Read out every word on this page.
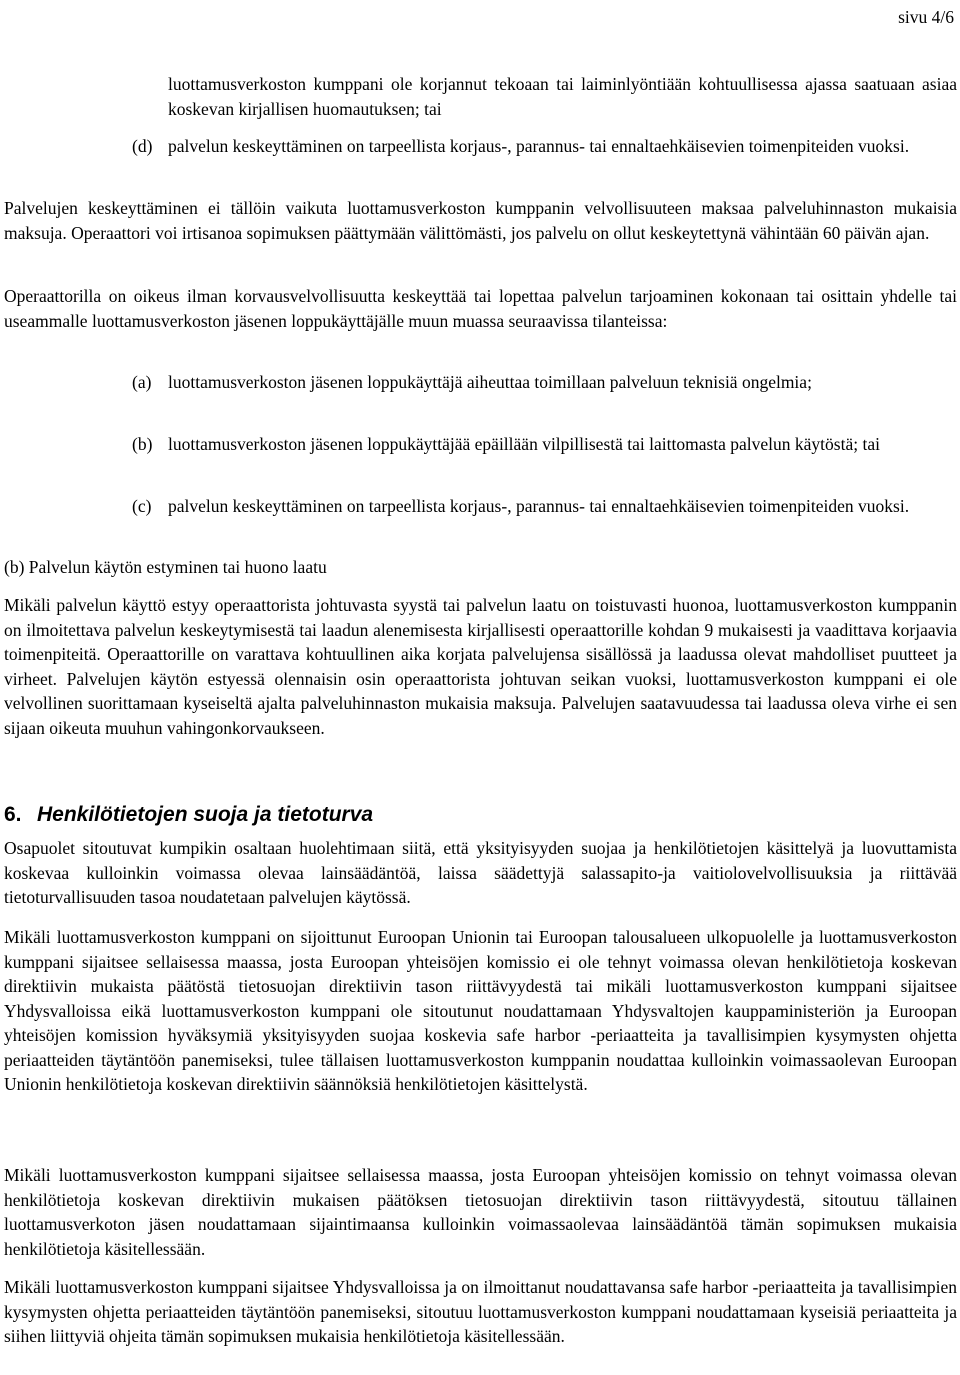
sivu 4/6

luottamusverkoston kumppani ole korjannut tekoaan tai laiminlyöntiään kohtuullisessa ajassa saatuaan asiaa koskevan kirjallisen huomautuksen; tai

(d) palvelun keskeyttäminen on tarpeellista korjaus-, parannus- tai ennaltaehkäisevien toimenpiteiden vuoksi.

Palvelujen keskeyttäminen ei tällöin vaikuta luottamusverkoston kumppanin velvollisuuteen maksaa palveluhinnaston mukaisia maksuja. Operaattori voi irtisanoa sopimuksen päättymään välittömästi, jos palvelu on ollut keskeytettynä vähintään 60 päivän ajan.

Operaattorilla on oikeus ilman korvausvelvollisuutta keskeyttää tai lopettaa palvelun tarjoaminen kokonaan tai osittain yhdelle tai useammalle luottamusverkoston jäsenen loppukäyttäjälle muun muassa seuraavissa tilanteissa:

(a) luottamusverkoston jäsenen loppukäyttäjä aiheuttaa toimillaan palveluun teknisiä ongelmia;

(b) luottamusverkoston jäsenen loppukäyttäjää epäillään vilpillisestä tai laittomasta palvelun käytöstä; tai

(c) palvelun keskeyttäminen on tarpeellista korjaus-, parannus- tai ennaltaehkäisevien toimenpiteiden vuoksi.

(b) Palvelun käytön estyminen tai huono laatu

Mikäli palvelun käyttö estyy operaattorista johtuvasta syystä tai palvelun laatu on toistuvasti huonoa, luottamusverkoston kumppanin on ilmoitettava palvelun keskeytymisestä tai laadun alenemisesta kirjallisesti operaattorille kohdan 9 mukaisesti ja vaadittava korjaavia toimenpiteitä. Operaattorille on varattava kohtuullinen aika korjata palvelujensa sisällössä ja laadussa olevat mahdolliset puutteet ja virheet. Palvelujen käytön estyessä olennaisin osin operaattorista johtuvan seikan vuoksi, luottamusverkoston kumppani ei ole velvollinen suorittamaan kyseiseltä ajalta palveluhinnaston mukaisia maksuja. Palvelujen saatavuudessa tai laadussa oleva virhe ei sen sijaan oikeuta muuhun vahingonkorvaukseen.

6. Henkilötietojen suoja ja tietoturva

Osapuolet sitoutuvat kumpikin osaltaan huolehtimaan siitä, että yksityisyyden suojaa ja henkilötietojen käsittelyä ja luovuttamista koskevaa kulloinkin voimassa olevaa lainsäädäntöä, laissa säädettyjä salassapito-ja vaitiolovelvollisuuksia ja riittävää tietoturvallisuuden tasoa noudatetaan palvelujen käytössä.

Mikäli luottamusverkoston kumppani on sijoittunut Euroopan Unionin tai Euroopan talousalueen ulkopuolelle ja luottamusverkoston kumppani sijaitsee sellaisessa maassa, josta Euroopan yhteisöjen komissio ei ole tehnyt voimassa olevan henkilötietoja koskevan direktiivin mukaista päätöstä tietosuojan direktiivin tason riittävyydestä tai mikäli luottamusverkoston kumppani sijaitsee Yhdysvalloissa eikä luottamusverkoston kumppani ole sitoutunut noudattamaan Yhdysvaltojen kauppaministeriön ja Euroopan yhteisöjen komission hyväksymiä yksityisyyden suojaa koskevia safe harbor -periaatteita ja tavallisimpien kysymysten ohjetta periaatteiden täytäntöön panemiseksi, tulee tällaisen luottamusverkoston kumppanin noudattaa kulloinkin voimassaolevan Euroopan Unionin henkilötietoja koskevan direktiivin säännöksiä henkilötietojen käsittelystä.

Mikäli luottamusverkoston kumppani sijaitsee sellaisessa maassa, josta Euroopan yhteisöjen komissio on tehnyt voimassa olevan henkilötietoja koskevan direktiivin mukaisen päätöksen tietosuojan direktiivin tason riittävyydestä, sitoutuu tällainen luottamusverkoton jäsen noudattamaan sijaintimaansa kulloinkin voimassaolevaa lainsäädäntöä tämän sopimuksen mukaisia henkilötietoja käsitellessään.

Mikäli luottamusverkoston kumppani sijaitsee Yhdysvalloissa ja on ilmoittanut noudattavansa safe harbor -periaatteita ja tavallisimpien kysymysten ohjetta periaatteiden täytäntöön panemiseksi, sitoutuu luottamusverkoston kumppani noudattamaan kyseisiä periaatteita ja siihen liittyviä ohjeita tämän sopimuksen mukaisia henkilötietoja käsitellessään.
